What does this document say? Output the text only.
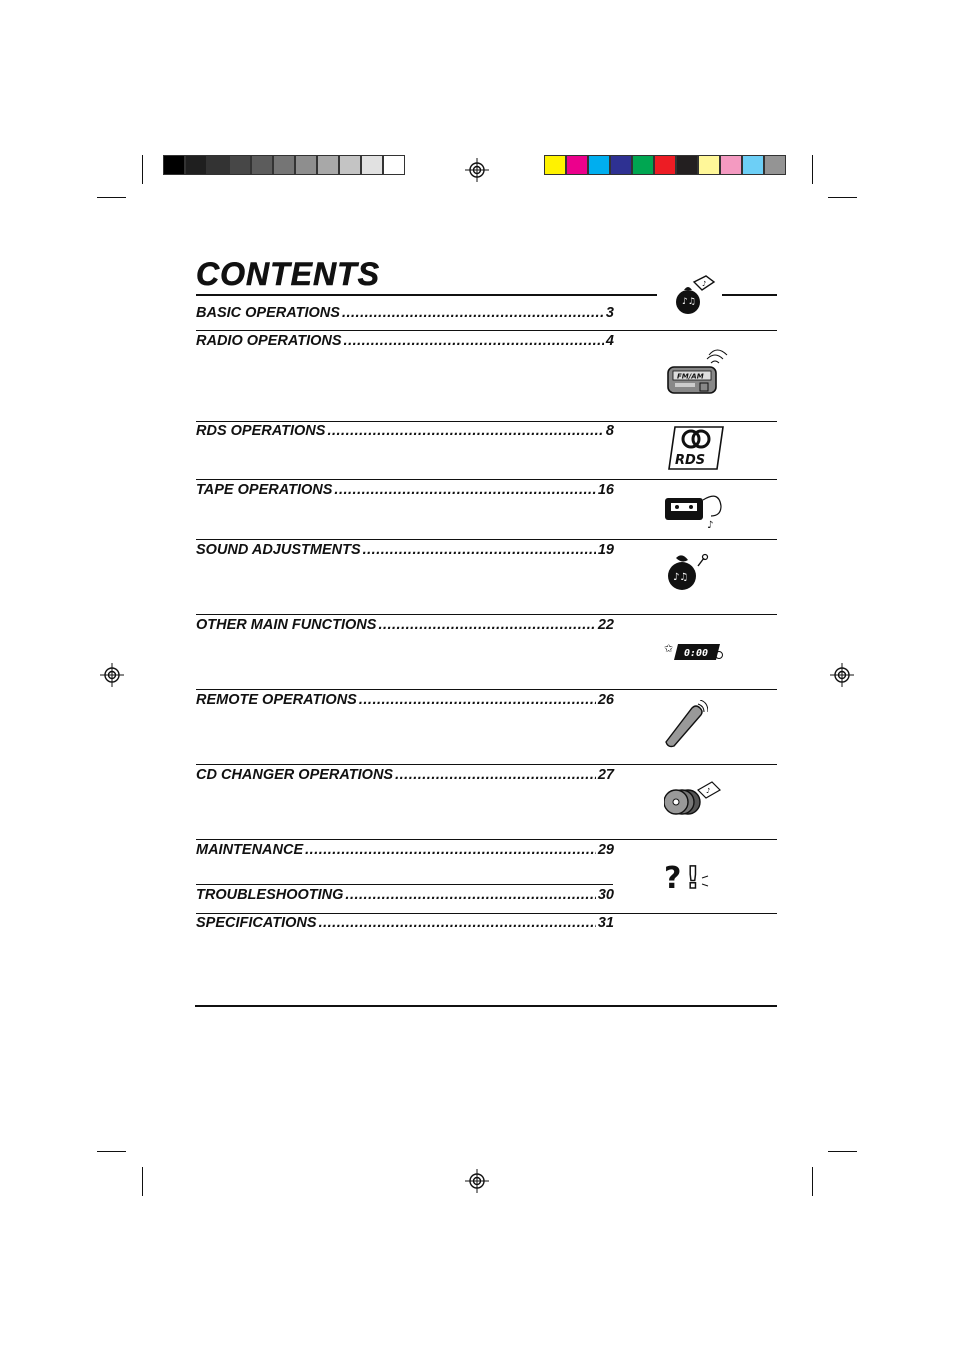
CONTENTS
BASIC OPERATIONS .....	3
RADIO OPERATIONS .....	4
RDS OPERATIONS .....	8
TAPE OPERATIONS .....	16
SOUND ADJUSTMENTS .....	19
OTHER MAIN FUNCTIONS .....	22
REMOTE OPERATIONS .....	26
CD CHANGER OPERATIONS .....	27
MAINTENANCE .....	29
TROUBLESHOOTING .....	30
SPECIFICATIONS .....	31
♪
♪♫
FM/AM
RDS
♪
♪♫
✩ 0:00
♪
? !
